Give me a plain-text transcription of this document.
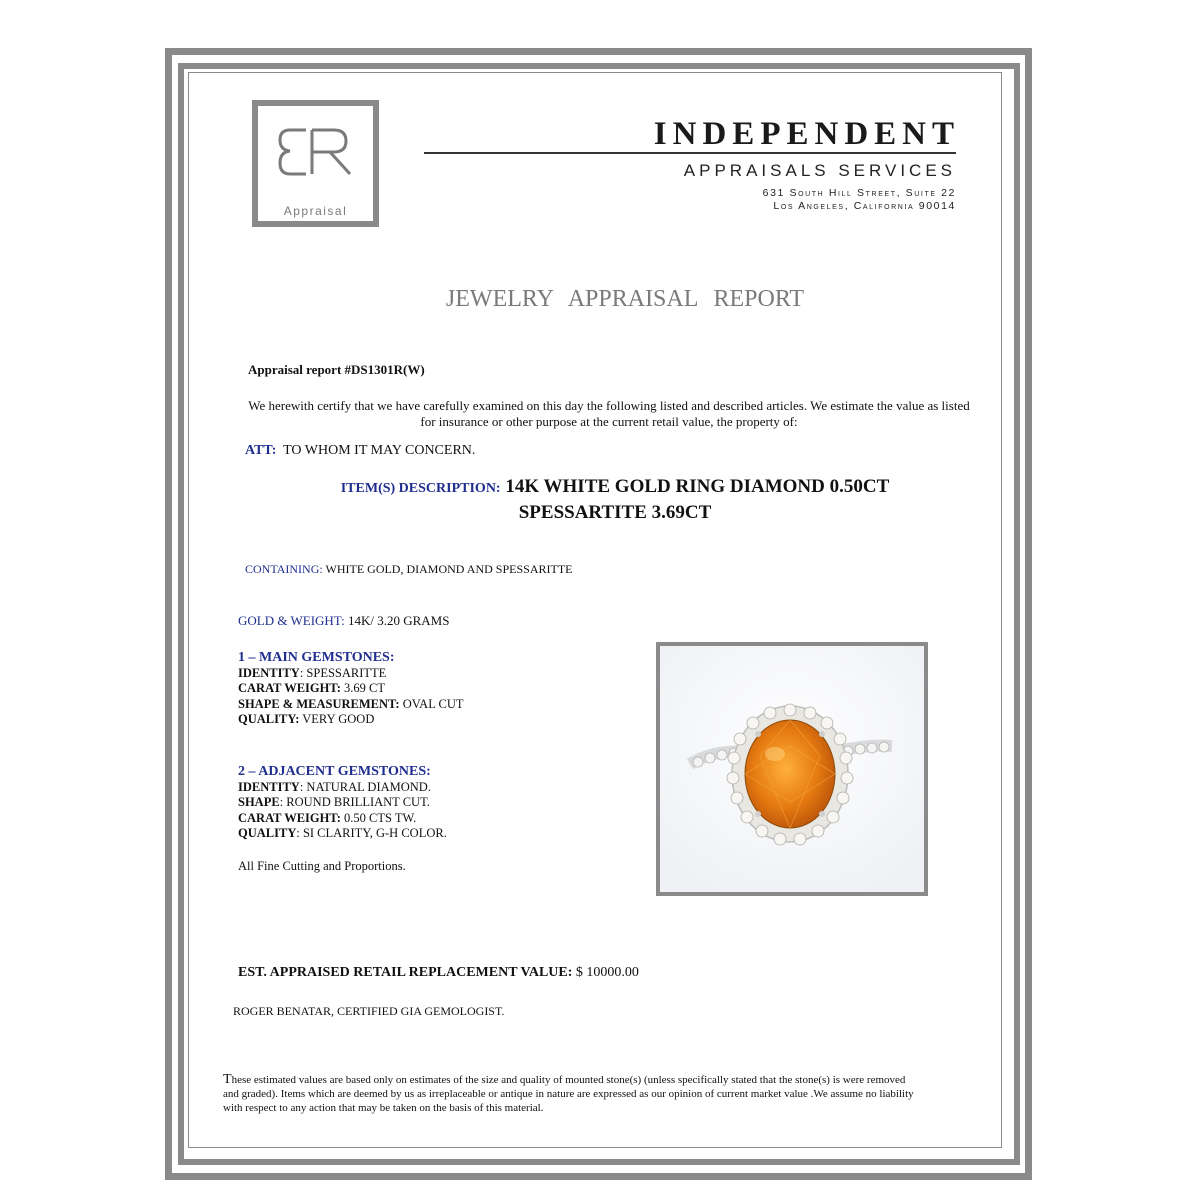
Appraisal
INDEPENDENT
APPRAISALS SERVICES
631 South Hill Street, Suite 22
Los Angeles, California 90014
JEWELRY APPRAISAL REPORT
Appraisal report #DS1301R(W)
We herewith certify that we have carefully examined on this day the following listed and described articles. We estimate the value as listed for insurance or other purpose at the current retail value, the property of:
ATT: TO WHOM IT MAY CONCERN.
ITEM(S) DESCRIPTION: 14K WHITE GOLD RING DIAMOND 0.50CT
SPESSARTITE 3.69CT
CONTAINING: WHITE GOLD, DIAMOND AND SPESSARITTE
GOLD & WEIGHT: 14K/ 3.20 GRAMS
1 – MAIN GEMSTONES:
IDENTITY: SPESSARITTE
CARAT WEIGHT: 3.69 CT
SHAPE & MEASUREMENT: OVAL CUT
QUALITY: VERY GOOD
2 – ADJACENT GEMSTONES:
IDENTITY: NATURAL DIAMOND.
SHAPE: ROUND BRILLIANT CUT.
CARAT WEIGHT: 0.50 CTS TW.
QUALITY: SI CLARITY, G-H COLOR.
All Fine Cutting and Proportions.
EST. APPRAISED RETAIL REPLACEMENT VALUE: $ 10000.00
ROGER BENATAR, CERTIFIED GIA GEMOLOGIST.
These estimated values are based only on estimates of the size and quality of mounted stone(s) (unless specifically stated that the stone(s) is were removed and graded). Items which are deemed by us as irreplaceable or antique in nature are expressed as our opinion of current market value .We assume no liability with respect to any action that may be taken on the basis of this material.
